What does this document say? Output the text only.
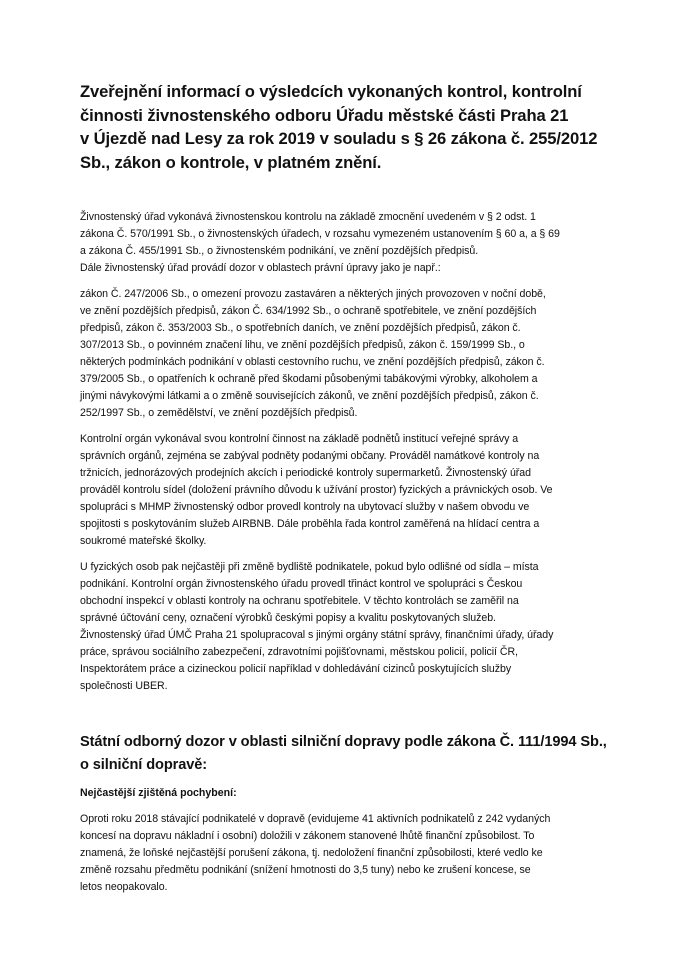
Zveřejnění informací o výsledcích vykonaných kontrol, kontrolní
činnosti živnostenského odboru Úřadu městské části Praha 21
v Újezdě nad Lesy za rok 2019 v souladu s § 26 zákona č. 255/2012
Sb., zákon o kontrole, v platném znění.

Živnostenský úřad vykonává živnostenskou kontrolu na základě zmocnění uvedeném v § 2 odst. 1
zákona Č. 570/1991 Sb., o živnostenských úřadech, v rozsahu vymezeném ustanovením § 60 a, a § 69
a zákona Č. 455/1991 Sb., o živnostenském podnikání, ve znění pozdějších předpisů.
Dále živnostenský úřad provádí dozor v oblastech právní úpravy jako je např.:

zákon Č. 247/2006 Sb., o omezení provozu zastaváren a některých jiných provozoven v noční době,
ve znění pozdějších předpisů, zákon Č. 634/1992 Sb., o ochraně spotřebitele, ve znění pozdějších
předpisů, zákon č. 353/2003 Sb., o spotřebních daních, ve znění pozdějších předpisů, zákon č.
307/2013 Sb., o povinném značení lihu, ve znění pozdějších předpisů, zákon č. 159/1999 Sb., o
některých podmínkách podnikání v oblasti cestovního ruchu, ve znění pozdějších předpisů, zákon č.
379/2005 Sb., o opatřeních k ochraně před škodami působenými tabákovými výrobky, alkoholem a
jinými návykovými látkami a o změně souvisejících zákonů, ve znění pozdějších předpisů, zákon č.
252/1997 Sb., o zemědělství, ve znění pozdějších předpisů.

Kontrolní orgán vykonával svou kontrolní činnost na základě podnětů institucí veřejné správy a
správních orgánů, zejména se zabýval podněty podanými občany. Prováděl namátkové kontroly na
tržnicích, jednorázových prodejních akcích i periodické kontroly supermarketů. Živnostenský úřad
prováděl kontrolu sídel (doložení právního důvodu k užívání prostor) fyzických a právnických osob. Ve
spolupráci s MHMP živnostenský odbor provedl kontroly na ubytovací služby v našem obvodu ve
spojitosti s poskytováním služeb AIRBNB. Dále proběhla řada kontrol zaměřená na hlídací centra a
soukromé mateřské školky.

U fyzických osob pak nejčastěji při změně bydliště podnikatele, pokud bylo odlišné od sídla – místa
podnikání. Kontrolní orgán živnostenského úřadu provedl třináct kontrol ve spolupráci s Českou
obchodní inspekcí v oblasti kontroly na ochranu spotřebitele. V těchto kontrolách se zaměřil na
správné účtování ceny, označení výrobků českými popisy a kvalitu poskytovaných služeb.
Živnostenský úřad ÚMČ Praha 21 spolupracoval s jinými orgány státní správy, finančními úřady, úřady
práce, správou sociálního zabezpečení, zdravotními pojišťovnami, městskou policií, policií ČR,
Inspektorátem práce a cizineckou policií například v dohledávání cizinců poskytujících služby
společnosti UBER.

Státní odborný dozor v oblasti silniční dopravy podle zákona Č. 111/1994 Sb.,
o silniční dopravě:

Nejčastější zjištěná pochybení:

Oproti roku 2018 stávající podnikatelé v dopravě (evidujeme 41 aktivních podnikatelů z 242 vydaných
koncesí na dopravu nákladní i osobní) doložili v zákonem stanovené lhůtě finanční způsobilost. To
znamená, že loňské nejčastější porušení zákona, tj. nedoložení finanční způsobilosti, které vedlo ke
změně rozsahu předmětu podnikání (snížení hmotnosti do 3,5 tuny) nebo ke zrušení koncese, se
letos neopakovalo.
